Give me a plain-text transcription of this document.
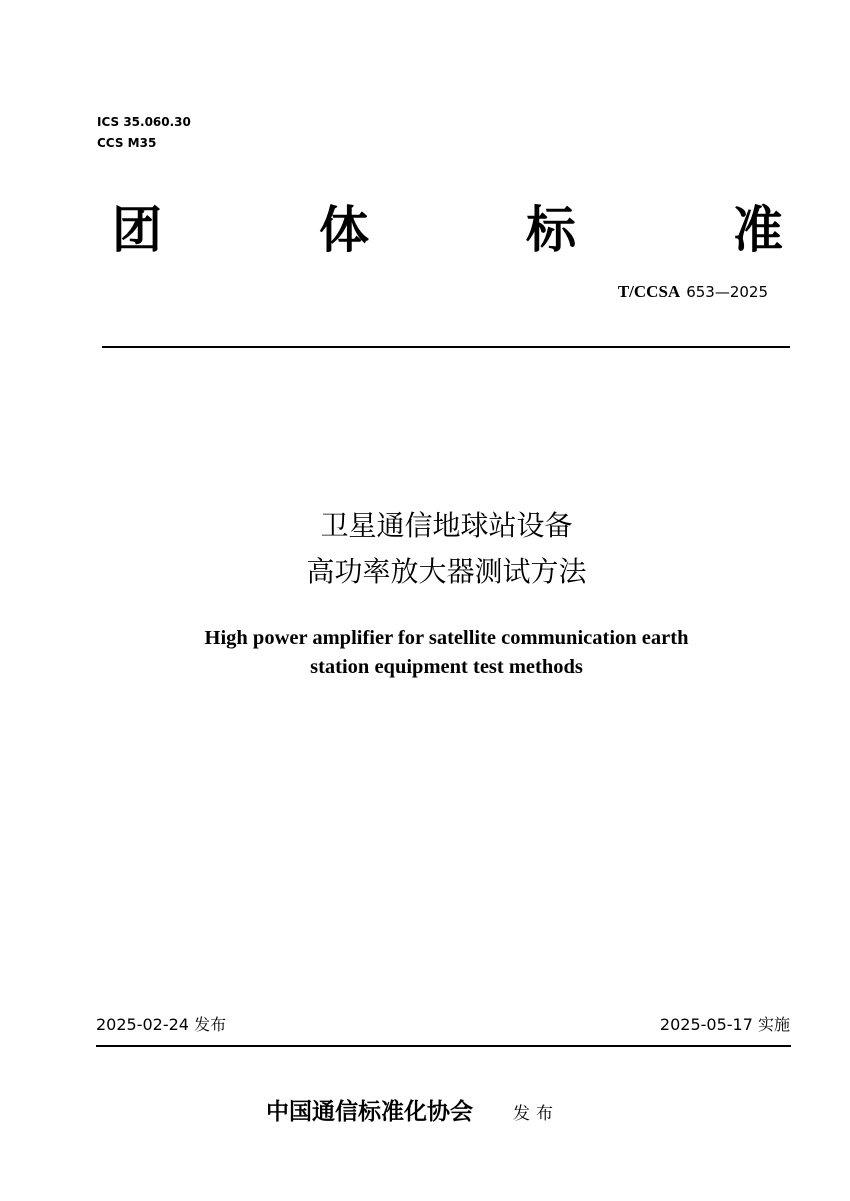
ICS 35.060.30
CCS M35
团	体	标	准
T/CCSA 653—2025
卫星通信地球站设备
高功率放大器测试方法
High power amplifier for satellite communication earth
station equipment test methods
2025-02-24 发布	2025-05-17 实施
中国通信标准化协会 发布
